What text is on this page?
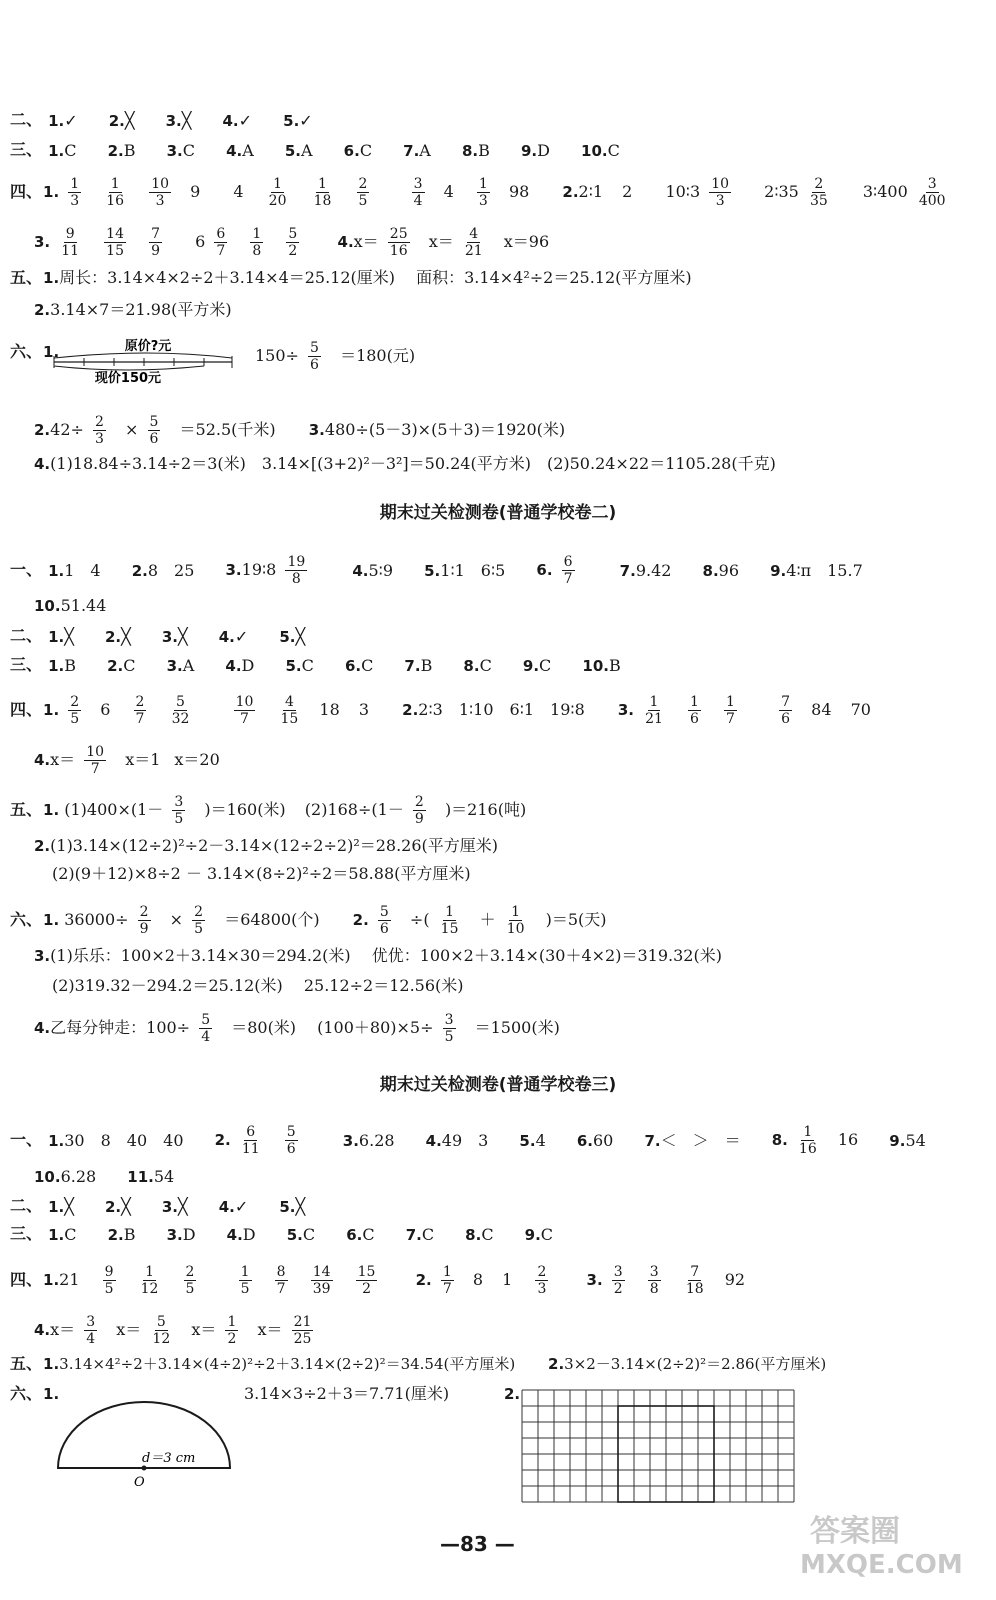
二、 1.✓ 2.╳ 3.╳ 4.✓ 5.✓
三、 1.C 2.B 3.C 4.A 5.A 6.C 7.A 8.B 9.D 10.C
四、1. $\frac{1}{3}$
$\frac{1}{16}$
$\frac{10}{3} 9$ $4 \frac{1}{20}$
$\frac{1}{18}$
$\frac{2}{5}$
	$\frac{3}{4} 4 \frac{1}{3} 98$ 2.2∶1 2 10∶3 $\frac{10}{3}$ 2∶35 $\frac{2}{35}$ 3∶400 $\frac{3}{400}$
3. $\frac{9}{11}$
$\frac{14}{15}$
$\frac{7}{9} 6 \frac{6}{7}$
$\frac{1}{8}$
$\frac{5}{2}$	$4.x= \frac{25}{16} x= \frac{4}{21} x=96$
五、1.周长：3.14×4×2÷2＋3.14×4＝25.12(厘米)　 面积：3.14×4²÷2＝25.12(平方厘米)
2.3.14×7＝21.98(平方米)
六、1.	原价?元
现价150元
$150\div \frac{5}{6} =180$(元)
$2.42\div \frac{2}{3} \times \frac{5}{6} =52.5$(千米) 3.480÷(5－3)×(5＋3)＝1920(米)
4.(1)18.84÷3.14÷2＝3(米)　3.14×[(3+2)²－3²]＝50.24(平方米)　(2)50.24×22＝1105.28(千克)
期末过关检测卷(普通学校卷二)
一、 1.1　4 2.8　25 3.19∶8 $\frac{19}{8}$	4.5∶9 5.1∶1　6∶5 6. $\frac{6}{7}$	7.9.42 8.96 9.4∶π　15.7
10.51.44
二、 1.╳ 2.╳ 3.╳ 4.✓ 5.╳
三、 1.B 2.C 3.A 4.D 5.C 6.C 7.B 8.C 9.C 10.B
四、1. $\frac{2}{5} 6 \frac{2}{7}$
$\frac{5}{32}$
	$\frac{10}{7}$
$\frac{4}{15} 18$ 3 2.2∶3　1∶10　6∶1　19∶8 3. $\frac{1}{21}$
$\frac{1}{6}$
$\frac{1}{7}$
	$\frac{7}{6} 84$ 70
$4.x= \frac{10}{7} x=1$ x＝20
五、1. $(1)400\times(1- \frac{3}{5} )=160$(米) $(2)168\div(1- \frac{2}{9} )=216$(吨)
2.(1)3.14×(12÷2)²÷2－3.14×(12÷2÷2)²＝28.26(平方厘米)
(2)(9＋12)×8÷2 － 3.14×(8÷2)²÷2＝58.88(平方厘米)
六、1. $36000\div \frac{2}{9} \times \frac{2}{5} =64800$(个) 2. $\frac{5}{6}$ ÷( $\frac{1}{15} + \frac{1}{10} )=5$(天)
3.(1)乐乐：100×2＋3.14×30＝294.2(米)　 优优：100×2＋3.14×(30＋4×2)＝319.32(米)
(2)319.32－294.2＝25.12(米)　 25.12÷2＝12.56(米)
4.乙每分钟走：$100\div \frac{5}{4} =80$(米)　 $(100+80)\times 5\div \frac{3}{5} =1500$(米)
期末过关检测卷(普通学校卷三)
一、 1.30　8　40　40 2. $\frac{6}{11}$
$\frac{5}{6}$	3.6.28 4.49　3 5.4 6.60 7.＜　＞　＝ 8. $\frac{1}{16} 16$ 9.54
10.6.28 11.54
二、 1.╳ 2.╳ 3.╳ 4.✓ 5.╳
三、 1.C 2.B 3.D 4.D 5.C 6.C 7.C 8.C 9.C
四、$1.21 \frac{9}{5}$
$\frac{1}{12}$
$\frac{2}{5}$
	$\frac{1}{5}$
$\frac{8}{7}$
$\frac{14}{39}$
$\frac{15}{2}$	2. $\frac{1}{7} 8$ $1 \frac{2}{3}$	3. $\frac{3}{2}$
$\frac{3}{8}$
$\frac{7}{18} 92$
$4.x= \frac{3}{4} x= \frac{5}{12} x= \frac{1}{2} x= \frac{21}{25}$
五、1.3.14×4²÷2＋3.14×(4÷2)²÷2＋3.14×(2÷2)²＝34.54(平方厘米) 2.3×2－3.14×(2÷2)²＝2.86(平方厘米)
六、1.	3.14×3÷2＋3＝7.71(厘米)
d＝3 cm
O
2.
—83 —	答案圈
MXQE.COM
